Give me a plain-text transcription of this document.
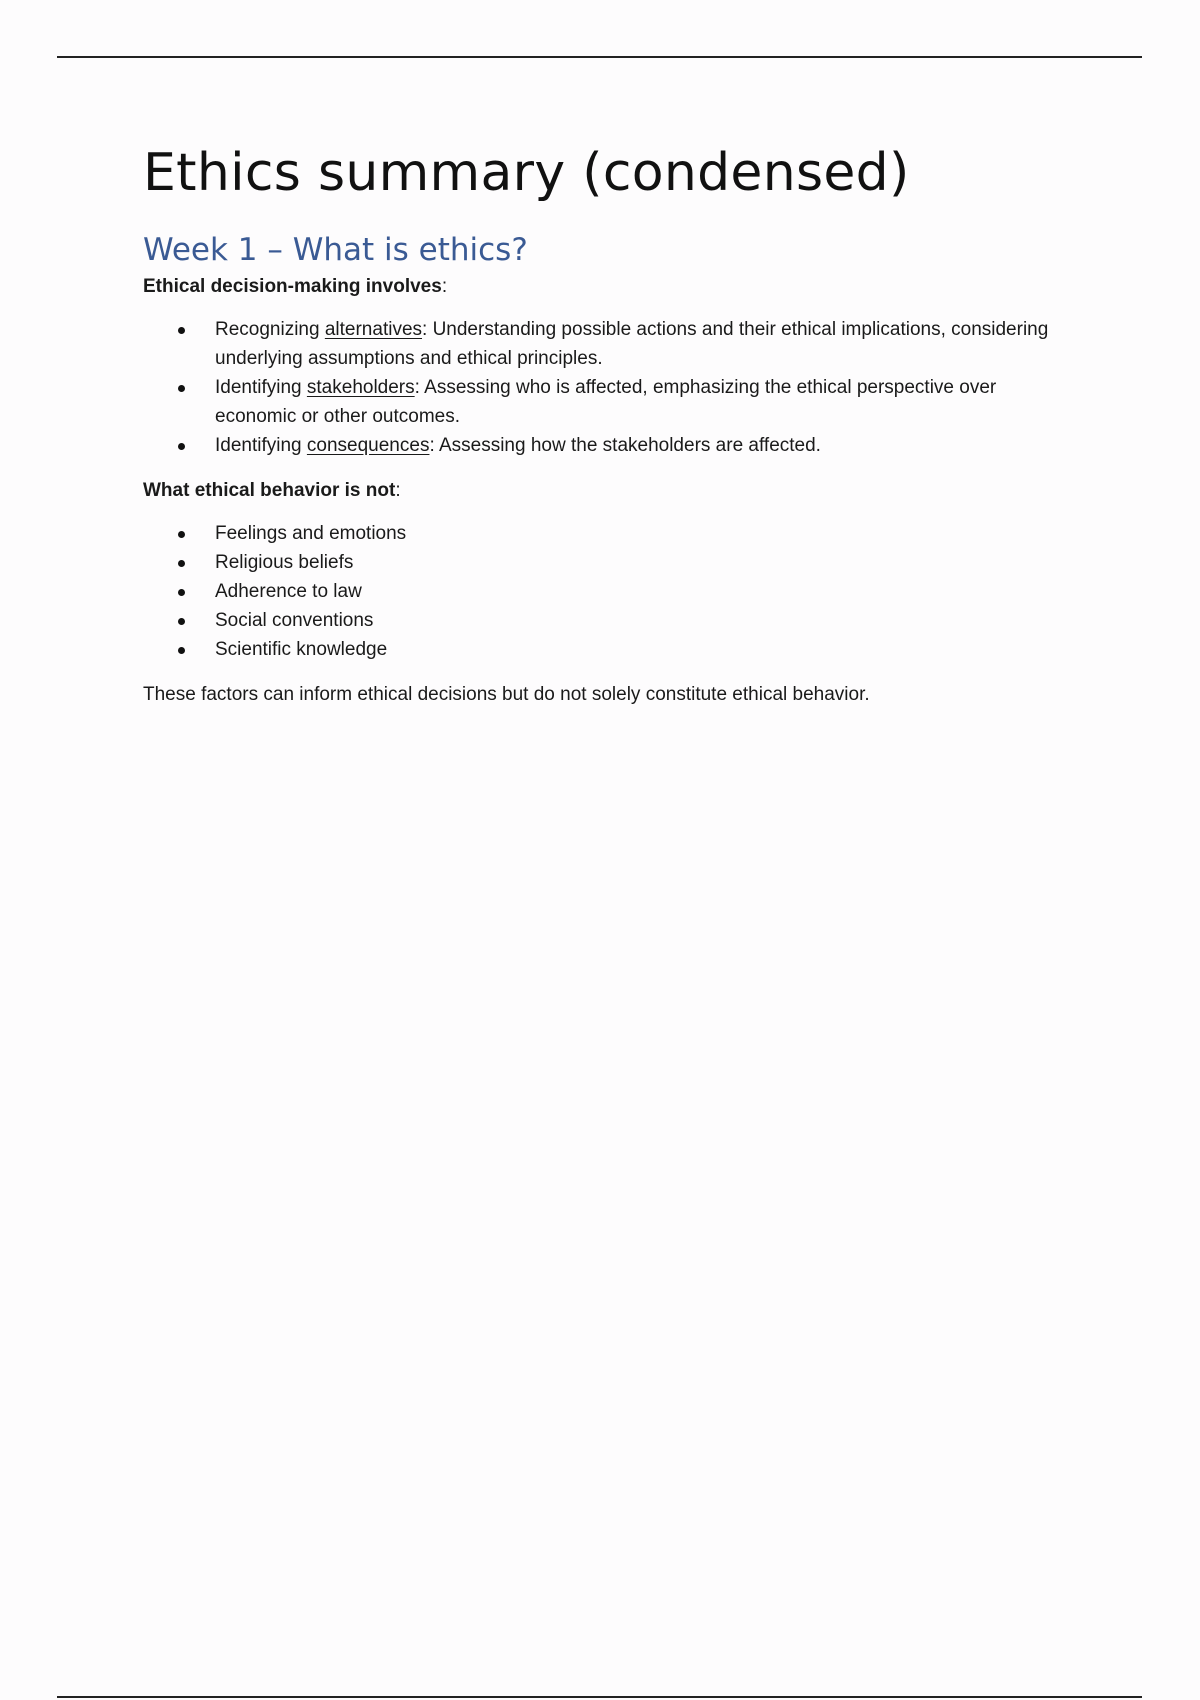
Ethics summary (condensed)
Week 1 – What is ethics?

Ethical decision-making involves:

Recognizing alternatives: Understanding possible actions and their ethical implications, considering underlying assumptions and ethical principles.
Identifying stakeholders: Assessing who is affected, emphasizing the ethical perspective over economic or other outcomes.
Identifying consequences: Assessing how the stakeholders are affected.

What ethical behavior is not:

Feelings and emotions
Religious beliefs
Adherence to law
Social conventions
Scientific knowledge

These factors can inform ethical decisions but do not solely constitute ethical behavior.
